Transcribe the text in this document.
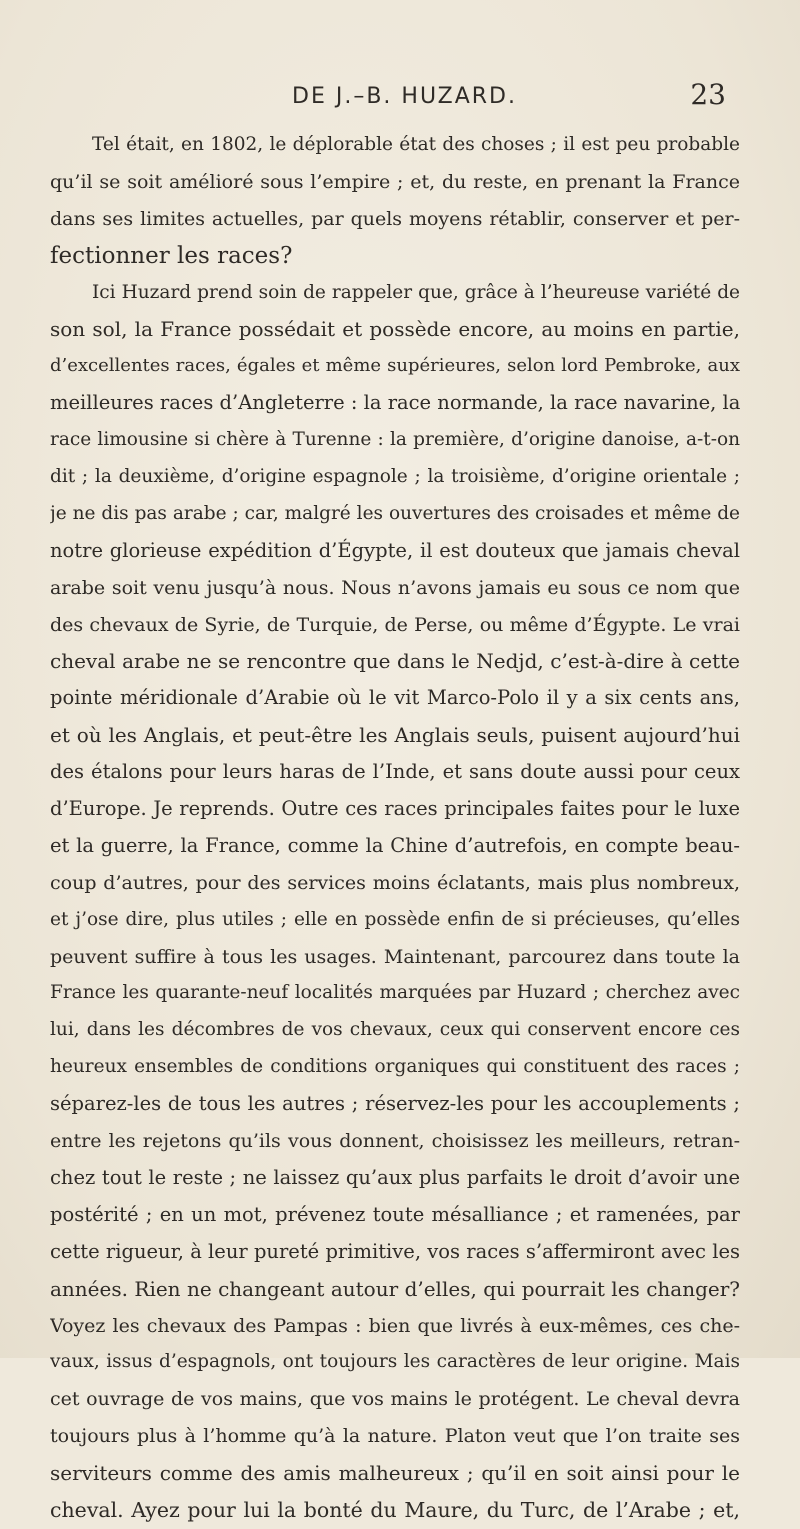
DE J.–B. HUZARD.	23
Tel était, en 1802, le déplorable état des choses ; il est peu probable
qu’il se soit amélioré sous l’empire ; et, du reste, en prenant la France
dans ses limites actuelles, par quels moyens rétablir, conserver et per-
fectionner les races?
Ici Huzard prend soin de rappeler que, grâce à l’heureuse variété de
son sol, la France possédait et possède encore, au moins en partie,
d’excellentes races, égales et même supérieures, selon lord Pembroke, aux
meilleures races d’Angleterre : la race normande, la race navarine, la
race limousine si chère à Turenne : la première, d’origine danoise, a-t-on
dit ; la deuxième, d’origine espagnole ; la troisième, d’origine orientale ;
je ne dis pas arabe ; car, malgré les ouvertures des croisades et même de
notre glorieuse expédition d’Égypte, il est douteux que jamais cheval
arabe soit venu jusqu’à nous. Nous n’avons jamais eu sous ce nom que
des chevaux de Syrie, de Turquie, de Perse, ou même d’Égypte. Le vrai
cheval arabe ne se rencontre que dans le Nedjd, c’est-à-dire à cette
pointe méridionale d’Arabie où le vit Marco-Polo il y a six cents ans,
et où les Anglais, et peut-être les Anglais seuls, puisent aujourd’hui
des étalons pour leurs haras de l’Inde, et sans doute aussi pour ceux
d’Europe. Je reprends. Outre ces races principales faites pour le luxe
et la guerre, la France, comme la Chine d’autrefois, en compte beau-
coup d’autres, pour des services moins éclatants, mais plus nombreux,
et j’ose dire, plus utiles ; elle en possède enfin de si précieuses, qu’elles
peuvent suffire à tous les usages. Maintenant, parcourez dans toute la
France les quarante-neuf localités marquées par Huzard ; cherchez avec
lui, dans les décombres de vos chevaux, ceux qui conservent encore ces
heureux ensembles de conditions organiques qui constituent des races ;
séparez-les de tous les autres ; réservez-les pour les accouplements ;
entre les rejetons qu’ils vous donnent, choisissez les meilleurs, retran-
chez tout le reste ; ne laissez qu’aux plus parfaits le droit d’avoir une
postérité ; en un mot, prévenez toute mésalliance ; et ramenées, par
cette rigueur, à leur pureté primitive, vos races s’affermiront avec les
années. Rien ne changeant autour d’elles, qui pourrait les changer?
Voyez les chevaux des Pampas : bien que livrés à eux-mêmes, ces che-
vaux, issus d’espagnols, ont toujours les caractères de leur origine. Mais
cet ouvrage de vos mains, que vos mains le protégent. Le cheval devra
toujours plus à l’homme qu’à la nature. Platon veut que l’on traite ses
serviteurs comme des amis malheureux ; qu’il en soit ainsi pour le
cheval. Ayez pour lui la bonté du Maure, du Turc, de l’Arabe ; et,
